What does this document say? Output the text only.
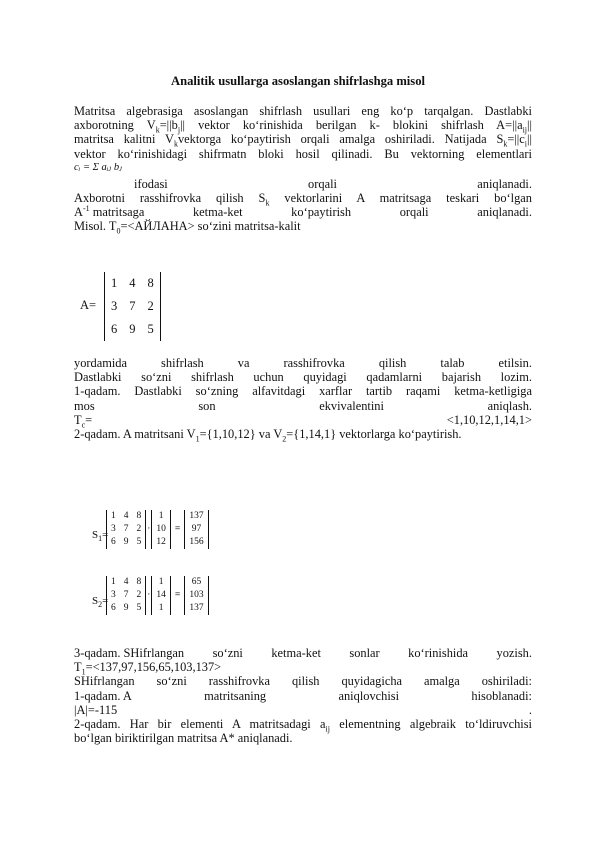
Analitik usullarga asoslangan shifrlashga misol
Matritsa algebrasiga asoslangan shifrlash usullari eng ko‘p tarqalgan. Dastlabki
axborotning $V_k=||b_j||$ vektor ko‘rinishida berilgan k- blokini shifrlash $A=||a_{ij}||$
matritsa kalitni $V_kvektorga$ ko‘paytirish orqali amalga oshiriladi. Natijada $S_k=||c_i||$
vektor ko‘rinishidagi shifrmatn bloki hosil qilinadi. Bu vektorning elementlari
cᵢ = Σ aᵢⱼ bⱼ
ifodasi	orqali	aniqlanadi.
Axborotni rasshifrovka qilish $S_k$ vektorlarini A matritsaga teskari bo‘lgan
$A^{-1}$ matritsaga	ketma-ket	ko‘paytirish	orqali	aniqlanadi.
Misol. $T_0=<АЙЛАНА>$ so‘zini matritsa-kalit
A=
1	4	8
3	7	2
6	9	5
yordamida	shifrlash	va	rasshifrovka	qilish	talab	etilsin.
Dastlabki so‘zni shifrlash uchun quyidagi qadamlarni bajarish lozim.
1-qadam. Dastlabki so‘zning alfavitdagi xarflar tartib raqami ketma-ketligiga
mos	son	ekvivalentini	aniqlash.
$T_c=$	<1,10,12,1,14,1>
2-qadam. A matritsani $V_1=\{1,10,12\}$ va $V_2=\{1,14,1\}$ vektorlarga ko‘paytirish.
$S_1=$
1	4	8
3	7	2
6	9	5
·
1
10
12
=
137
97
156
$S_2=$
1	4	8
3	7	2
6	9	5
·
1
14
1
=
65
103
137
3-qadam. SHifrlangan so‘zni ketma-ket sonlar ko‘rinishida yozish.
$T_1=<137,97,156,65,103,137>$
SHifrlangan so‘zni rasshifrovka qilish quyidagicha amalga oshiriladi:
1-qadam. A	matritsaning	aniqlovchisi	hisoblanadi:
|A|=-115	.
2-qadam. Har bir elementi A matritsadagi $a_{ij}$ elementning algebraik to‘ldiruvchisi
bo‘lgan biriktirilgan matritsa A* aniqlanadi.
